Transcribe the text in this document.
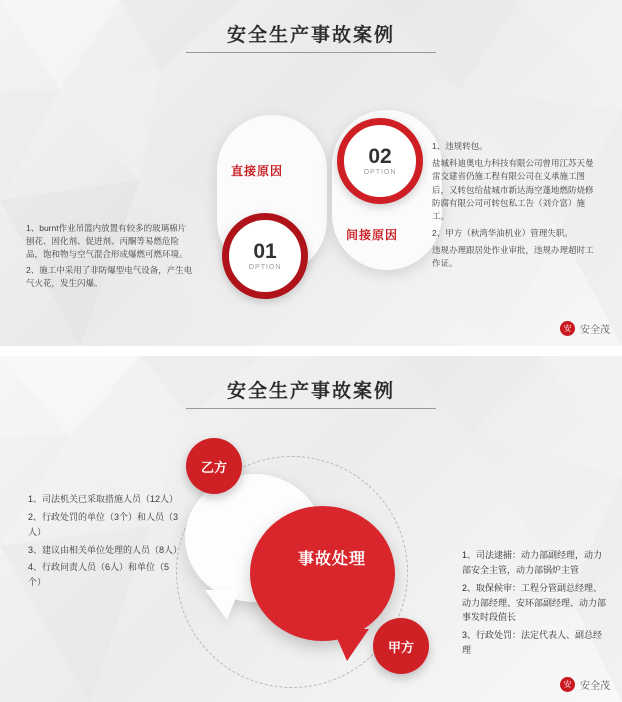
安全生产事故案例
直接原因
间接原因
01
OPTION
02
OPTION

1、burnt作业吊篮内放置有较多的玻璃棉片刨花、固化剂、促进剂、丙酮等易燃危险品，饱和物与空气混合形成爆燃可燃环境。

2、施工中采用了非防爆型电气设备，产生电气火花，发生闪爆。

1、违规转包。

盐城科迪奥电力科技有限公司曾用江苏天曼雷交建省仍施工程有限公司在义承施工图后，又转包给盐城市新达海空蓬地燃防烧修防腐有限公司可转包私工告（刘介富）施工。

2、甲方（秋湾华油机业）管理失职。

违规办理跟居处作业审批，违规办理超时工作证。

安 安全茂
安全生产事故案例
事故处理
乙方
甲方

1、司法机关已采取措施人员（12人）

2、行政处罚的单位（3个）和人员（3人）

3、建议由相关单位处理的人员（8人）

4、行政问责人员（6人）和单位（5个）

1、司法逮捕：动力部副经理，动力部安全主管，动力部锅炉主管

2、取保候审：工程分管副总经理、动力部经理、安环部副经理、动力部事发时段值长

3、行政处罚：法定代表人、副总经理

安 安全茂
